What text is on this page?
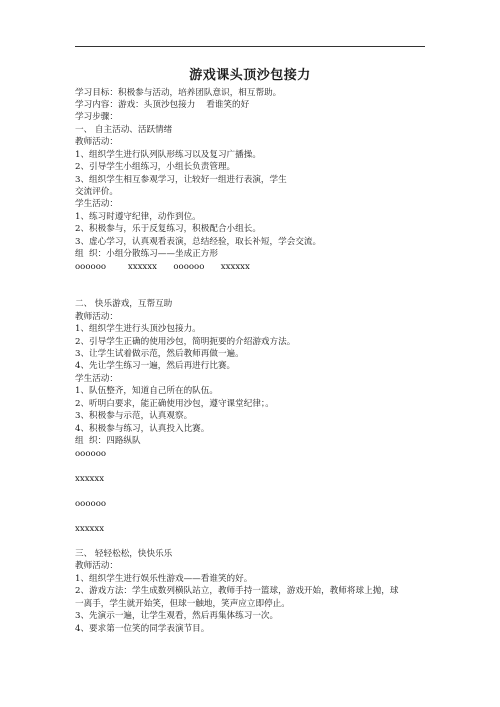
游戏课头顶沙包接力
学习目标：积极参与活动，培养团队意识，相互帮助。
学习内容：游戏：头顶沙包接力    看谁笑的好
学习步骤：
一、 自主活动、活跃情绪
教师活动：
1、组织学生进行队列队形练习以及复习广播操。
2、引导学生小组练习，小组长负责管理。
3、组织学生相互参观学习，让较好一组进行表演，学生
交流评价。
学生活动：
1、练习时遵守纪律，动作到位。
2、积极参与，乐于反复练习，积极配合小组长。
3、虚心学习，认真观看表演，总结经验，取长补短，学会交流。
组  织：小组分散练习——坐成正方形
oooooo        xxxxxx      oooooo      xxxxxx
二、 快乐游戏，互帮互助
教师活动：
1、组织学生进行头顶沙包接力。
2、引导学生正确的使用沙包，简明扼要的介绍游戏方法。
3、让学生试着做示范，然后教师再做一遍。
4、先让学生练习一遍，然后再进行比赛。
学生活动：
1、队伍整齐，知道自己所在的队伍。
2、听明白要求，能正确使用沙包，遵守课堂纪律；。
3、积极参与示范，认真观察。
4、积极参与练习，认真投入比赛。
组  织：四路纵队
oooooo
xxxxxx
oooooo
xxxxxx
三、 轻轻松松，快快乐乐
教师活动：
1、组织学生进行娱乐性游戏——看谁笑的好。
2、游戏方法：学生成数列横队站立，教师手持一篮球，游戏开始，教师将球上抛，球
一离手，学生就开始笑，但球一触地，笑声应立即停止。
3、先演示一遍，让学生观看，然后再集体练习一次。
4、要求第一位笑的同学表演节目。
